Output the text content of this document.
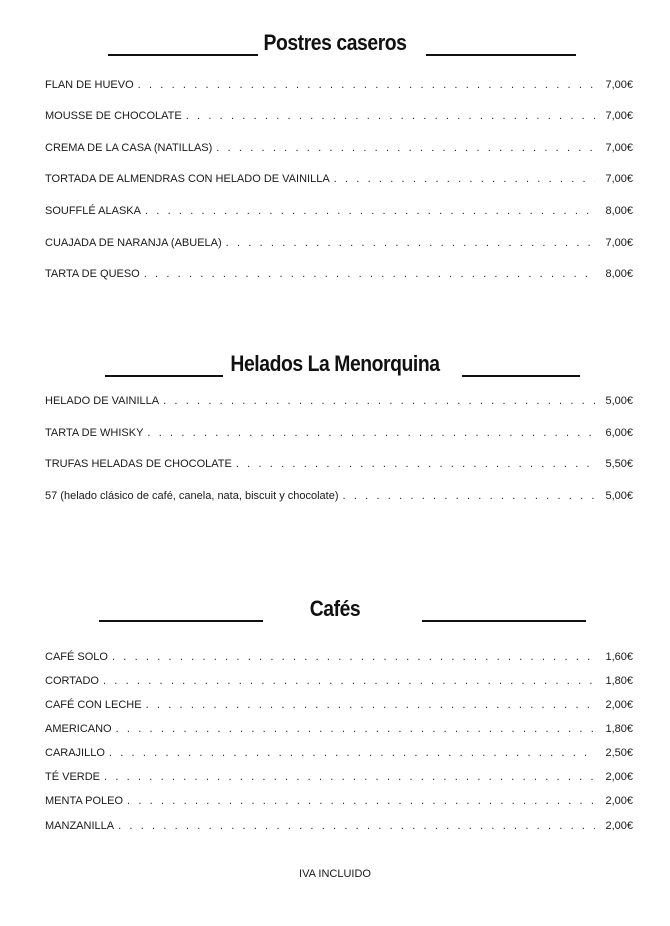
Postres caseros
FLAN DE HUEVO . . .	7,00€
MOUSSE DE CHOCOLATE . . .	7,00€
CREMA DE LA CASA (NATILLAS) . . .	7,00€
TORTADA DE ALMENDRAS CON HELADO DE VAINILLA . . .	7,00€
SOUFFLÉ ALASKA . . .	8,00€
CUAJADA DE NARANJA (ABUELA) . . .	7,00€
TARTA DE QUESO . . .	8,00€
Helados La Menorquina
HELADO DE VAINILLA . . .	5,00€
TARTA DE WHISKY . . .	6,00€
TRUFAS HELADAS DE CHOCOLATE . . .	5,50€
57 (helado clásico de café, canela, nata, biscuit y chocolate) . . .	5,00€
Cafés
CAFÉ SOLO . . .	1,60€
CORTADO . . .	1,80€
CAFÉ CON LECHE . . .	2,00€
AMERICANO . . .	1,80€
CARAJILLO . . .	2,50€
TÉ VERDE . . .	2,00€
MENTA POLEO . . .	2,00€
MANZANILLA . . .	2,00€
IVA INCLUIDO
